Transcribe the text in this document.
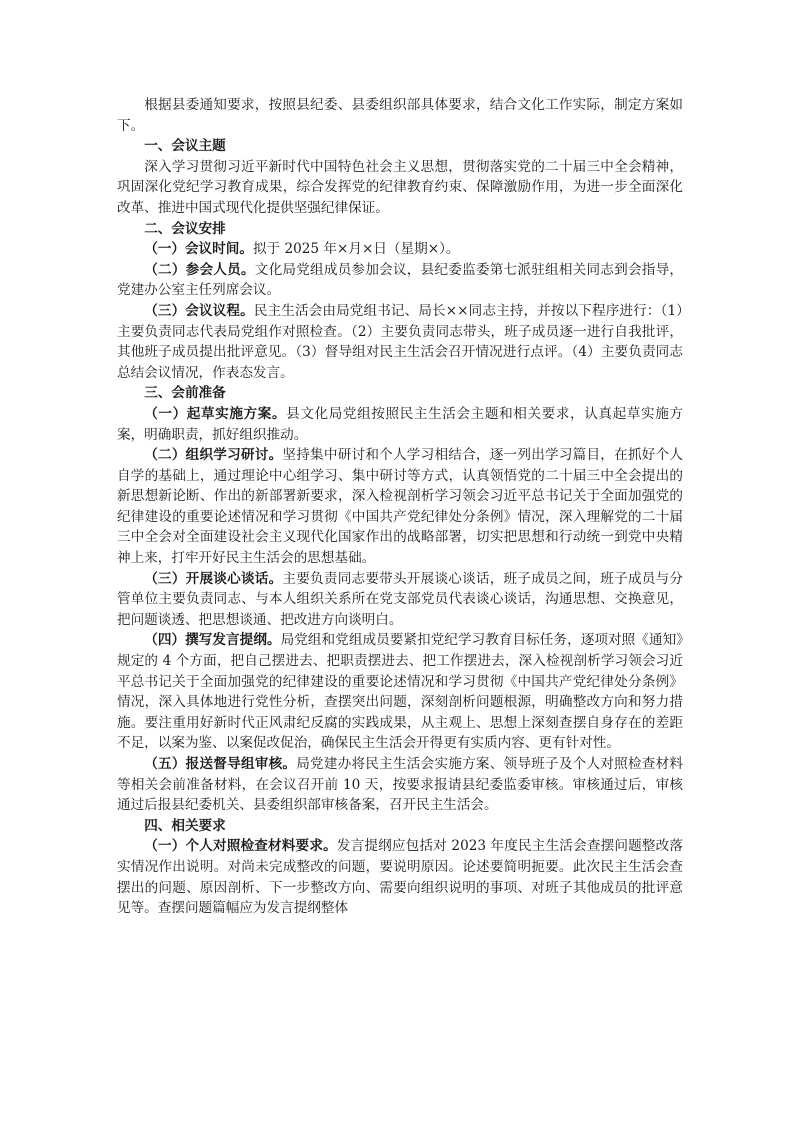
根据县委通知要求，按照县纪委、县委组织部具体要求，结合文化工作实际，制定方案如下。

一、会议主题

深入学习贯彻习近平新时代中国特色社会主义思想，贯彻落实党的二十届三中全会精神，巩固深化党纪学习教育成果，综合发挥党的纪律教育约束、保障激励作用，为进一步全面深化改革、推进中国式现代化提供坚强纪律保证。

二、会议安排

（一）会议时间。拟于 2025 年×月×日（星期×）。

（二）参会人员。文化局党组成员参加会议，县纪委监委第七派驻组相关同志到会指导，党建办公室主任列席会议。

（三）会议议程。民主生活会由局党组书记、局长××同志主持，并按以下程序进行：（1）主要负责同志代表局党组作对照检查。（2）主要负责同志带头，班子成员逐一进行自我批评，其他班子成员提出批评意见。（3）督导组对民主生活会召开情况进行点评。（4）主要负责同志总结会议情况，作表态发言。

三、会前准备

（一）起草实施方案。县文化局党组按照民主生活会主题和相关要求，认真起草实施方案，明确职责，抓好组织推动。

（二）组织学习研讨。坚持集中研讨和个人学习相结合，逐一列出学习篇目，在抓好个人自学的基础上，通过理论中心组学习、集中研讨等方式，认真领悟党的二十届三中全会提出的新思想新论断、作出的新部署新要求，深入检视剖析学习领会习近平总书记关于全面加强党的纪律建设的重要论述情况和学习贯彻《中国共产党纪律处分条例》情况，深入理解党的二十届三中全会对全面建设社会主义现代化国家作出的战略部署，切实把思想和行动统一到党中央精神上来，打牢开好民主生活会的思想基础。

（三）开展谈心谈话。主要负责同志要带头开展谈心谈话，班子成员之间，班子成员与分管单位主要负责同志、与本人组织关系所在党支部党员代表谈心谈话，沟通思想、交换意见，把问题谈透、把思想谈通、把改进方向谈明白。

（四）撰写发言提纲。局党组和党组成员要紧扣党纪学习教育目标任务，逐项对照《通知》规定的 4 个方面，把自己摆进去、把职责摆进去、把工作摆进去，深入检视剖析学习领会习近平总书记关于全面加强党的纪律建设的重要论述情况和学习贯彻《中国共产党纪律处分条例》情况，深入具体地进行党性分析，查摆突出问题，深刻剖析问题根源，明确整改方向和努力措施。要注重用好新时代正风肃纪反腐的实践成果，从主观上、思想上深刻查摆自身存在的差距不足，以案为鉴、以案促改促治，确保民主生活会开得更有实质内容、更有针对性。

（五）报送督导组审核。局党建办将民主生活会实施方案、领导班子及个人对照检查材料等相关会前准备材料，在会议召开前 10 天，按要求报请县纪委监委审核。审核通过后，审核通过后报县纪委机关、县委组织部审核备案，召开民主生活会。

四、相关要求

（一）个人对照检查材料要求。发言提纲应包括对 2023 年度民主生活会查摆问题整改落实情况作出说明。对尚未完成整改的问题，要说明原因。论述要简明扼要。此次民主生活会查摆出的问题、原因剖析、下一步整改方向、需要向组织说明的事项、对班子其他成员的批评意见等。查摆问题篇幅应为发言提纲整体
